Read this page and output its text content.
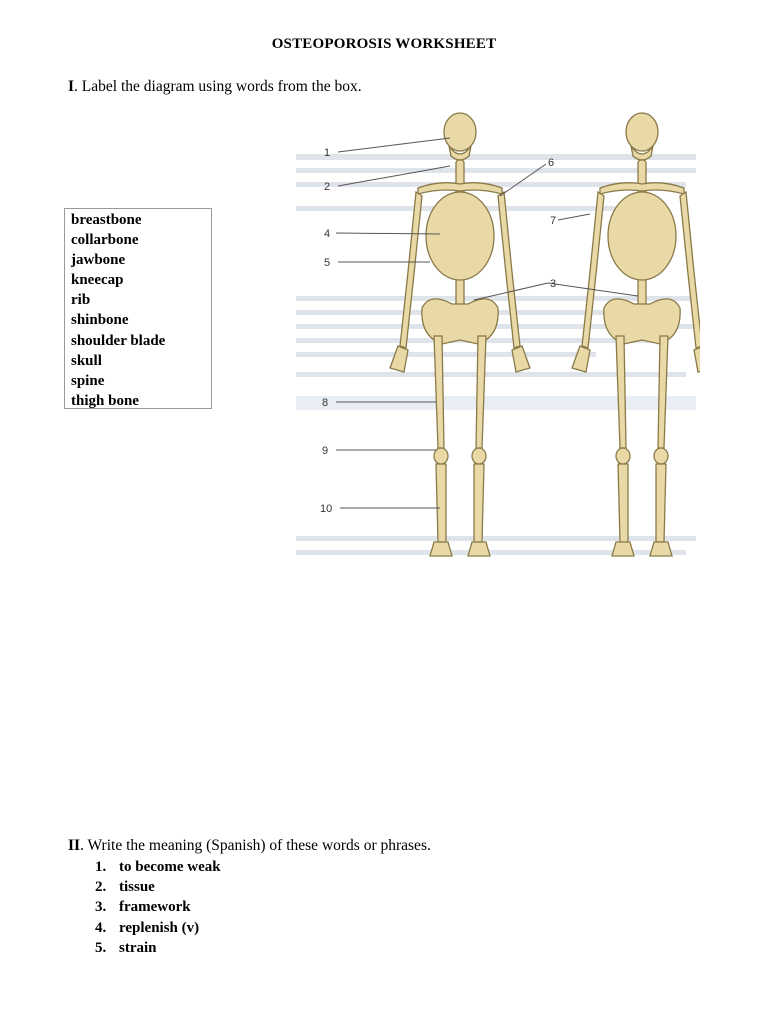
OSTEOPOROSIS WORKSHEET
I. Label the diagram using words from the box.
breastbone
collarbone
jawbone
kneecap
rib
shinbone
shoulder blade
skull
spine
thigh bone
1
2
6
4
7
5
3
8
9
10
II. Write the meaning (Spanish) of these words or phrases.
1. to become weak
2. tissue
3. framework
4. replenish (v)
5. strain
